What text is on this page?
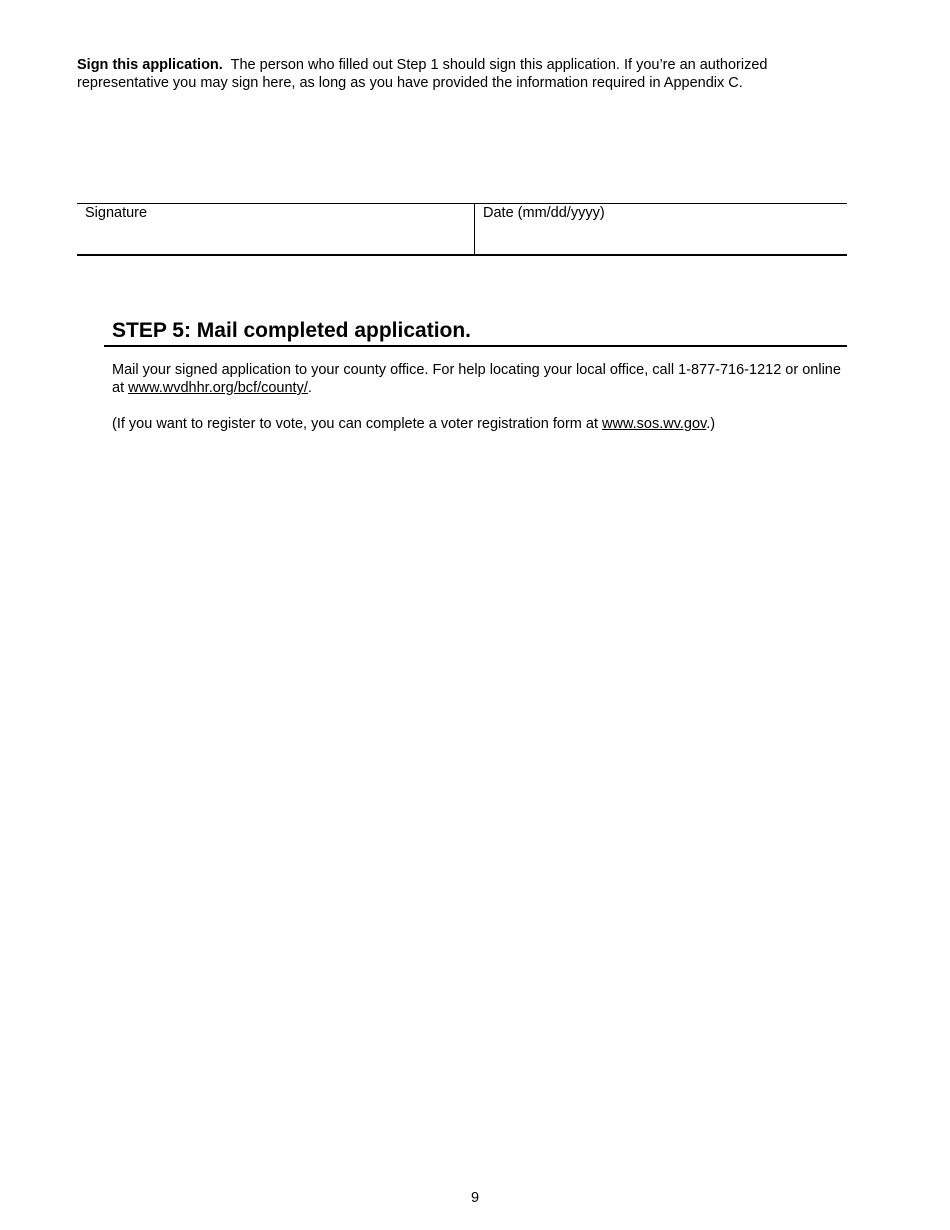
Sign this application. The person who filled out Step 1 should sign this application. If you’re an authorized representative you may sign here, as long as you have provided the information required in Appendix C.

Signature	Date (mm/dd/yyyy)
STEP 5: Mail completed application.

Mail your signed application to your county office. For help locating your local office, call 1-877-716-1212 or online at www.wvdhhr.org/bcf/county/.

(If you want to register to vote, you can complete a voter registration form at www.sos.wv.gov.)

9
